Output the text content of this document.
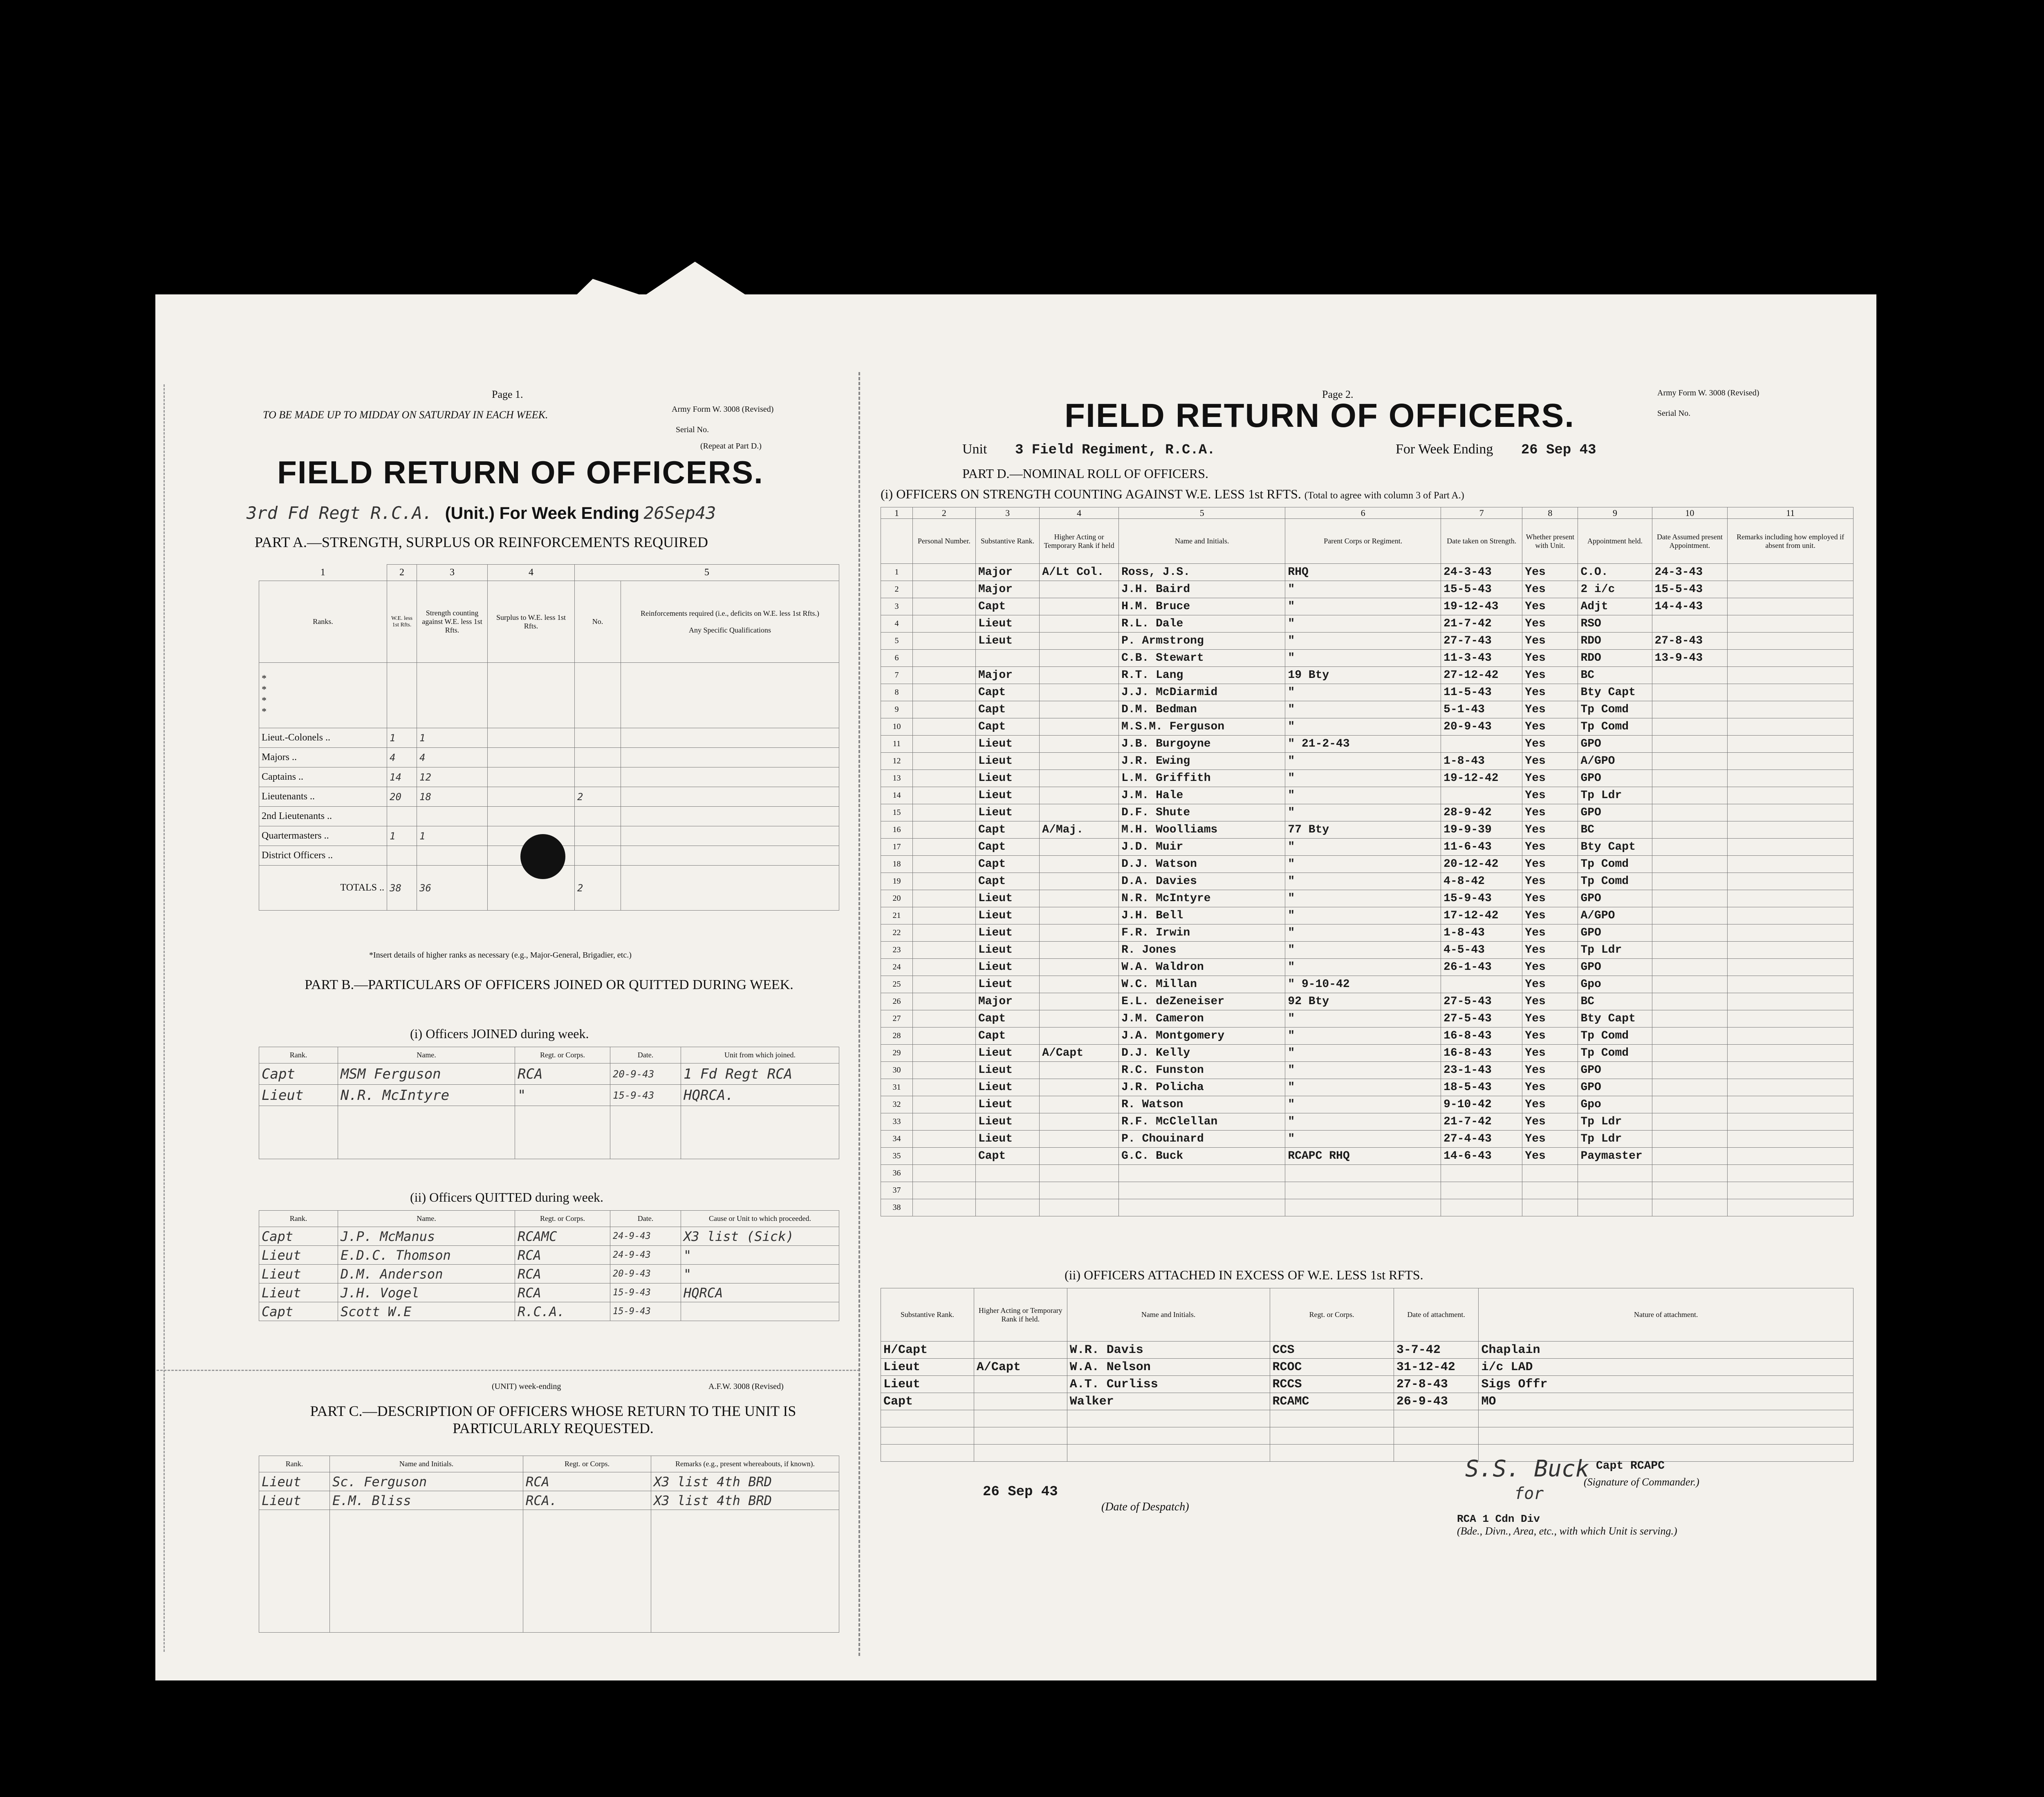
Page 1.
TO BE MADE UP TO MIDDAY ON SATURDAY IN EACH WEEK.	Army Form W. 3008 (Revised)
Serial No.
(Repeat at Part D.)
FIELD RETURN OF OFFICERS.
3rd Fd Regt R.C.A. (Unit.) For Week Ending 26Sep43
PART A.—STRENGTH, SURPLUS OR REINFORCEMENTS REQUIRED
1	2	3	4	5	
Ranks.	W.E. less 1st Rfts.	Strength counting against W.E. less 1st Rfts.	Surplus to W.E. less 1st Rfts.	No.	Reinforcements required (i.e., deficits on W.E. less 1st Rfts.)
Any Specific Qualifications

*
*
*
*					
Lieut.-Colonels ..	1	1			
Majors ..	4	4			
Captains ..	14	12			
Lieutenants ..	20	18		2	
2nd Lieutenants ..					
Quartermasters ..	1	1			
District Officers ..					
TOTALS ..	38	36		2	
*Insert details of higher ranks as necessary (e.g., Major-General, Brigadier, etc.)
PART B.—PARTICULARS OF OFFICERS JOINED OR QUITTED DURING WEEK.
(i) Officers JOINED during week.
Rank.	Name.	Regt. or Corps.	Date.	Unit from which joined.
Capt	MSM Ferguson	RCA	20-9-43	1 Fd Regt RCA
Lieut	N.R. McIntyre	"	15-9-43	HQRCA.

(ii) Officers QUITTED during week.
Rank.	Name.	Regt. or Corps.	Date.	Cause or Unit to which proceeded.
Capt	J.P. McManus	RCAMC	24-9-43	X3 list (Sick)
Lieut	E.D.C. Thomson	RCA	24-9-43	"
Lieut	D.M. Anderson	RCA	20-9-43	"
Lieut	J.H. Vogel	RCA	15-9-43	HQRCA
Capt	Scott W.E	R.C.A.	15-9-43	
(UNIT) week-ending	A.F.W. 3008 (Revised)
PART C.—DESCRIPTION OF OFFICERS WHOSE RETURN TO THE UNIT IS PARTICULARLY REQUESTED.
Rank.	Name and Initials.	Regt. or Corps.	Remarks (e.g., present whereabouts, if known).
Lieut	Sc. Ferguson	RCA	X3 list 4th BRD
Lieut	E.M. Bliss	RCA.	X3 list 4th BRD

Page 2.	Army Form W. 3008 (Revised)
Serial No.
FIELD RETURN OF OFFICERS.
Unit 3 Field Regiment, R.C.A.	For Week Ending 26 Sep 43
PART D.—NOMINAL ROLL OF OFFICERS.
(i) OFFICERS ON STRENGTH COUNTING AGAINST W.E. LESS 1st RFTS. (Total to agree with column 3 of Part A.)
1	2	3	4	5	6	7	8	9	10	11
	Personal Number.	Substantive Rank.	Higher Acting or Temporary Rank if held	Name and Initials.	Parent Corps or Regiment.	Date taken on Strength.	Whether present with Unit.	Appointment held.	Date Assumed present Appointment.	Remarks including how employed if absent from unit.
1		Major	A/Lt Col.	Ross, J.S.	RHQ	24-3-43	Yes	C.O.	24-3-43	
2		Major		J.H. Baird	"	15-5-43	Yes	2 i/c	15-5-43	
3		Capt		H.M. Bruce	"	19-12-43	Yes	Adjt	14-4-43	
4		Lieut		R.L. Dale	"	21-7-42	Yes	RSO		
5		Lieut		P. Armstrong	"	27-7-43	Yes	RDO	27-8-43	
6				C.B. Stewart	"	11-3-43	Yes	RDO	13-9-43	
7		Major		R.T. Lang	19 Bty	27-12-42	Yes	BC		
8		Capt		J.J. McDiarmid	"	11-5-43	Yes	Bty Capt		
9		Capt		D.M. Bedman	"	5-1-43	Yes	Tp Comd		
10		Capt		M.S.M. Ferguson	"	20-9-43	Yes	Tp Comd		
11		Lieut		J.B. Burgoyne	" 21-2-43		Yes	GPO		
12		Lieut		J.R. Ewing	"	1-8-43	Yes	A/GPO		
13		Lieut		L.M. Griffith	"	19-12-42	Yes	GPO		
14		Lieut		J.M. Hale	"		Yes	Tp Ldr		
15		Lieut		D.F. Shute	"	28-9-42	Yes	GPO		
16		Capt	A/Maj.	M.H. Woolliams	77 Bty	19-9-39	Yes	BC		
17		Capt		J.D. Muir	"	11-6-43	Yes	Bty Capt		
18		Capt		D.J. Watson	"	20-12-42	Yes	Tp Comd		
19		Capt		D.A. Davies	"	4-8-42	Yes	Tp Comd		
20		Lieut		N.R. McIntyre	"	15-9-43	Yes	GPO		
21		Lieut		J.H. Bell	"	17-12-42	Yes	A/GPO		
22		Lieut		F.R. Irwin	"	1-8-43	Yes	GPO		
23		Lieut		R. Jones	"	4-5-43	Yes	Tp Ldr		
24		Lieut		W.A. Waldron	"	26-1-43	Yes	GPO		
25		Lieut		W.C. Millan	" 9-10-42		Yes	Gpo		
26		Major		E.L. deZeneiser	92 Bty	27-5-43	Yes	BC		
27		Capt		J.M. Cameron	"	27-5-43	Yes	Bty Capt		
28		Capt		J.A. Montgomery	"	16-8-43	Yes	Tp Comd		
29		Lieut	A/Capt	D.J. Kelly	"	16-8-43	Yes	Tp Comd		
30		Lieut		R.C. Funston	"	23-1-43	Yes	GPO		
31		Lieut		J.R. Policha	"	18-5-43	Yes	GPO		
32		Lieut		R. Watson	"	9-10-42	Yes	Gpo		
33		Lieut		R.F. McClellan	"	21-7-42	Yes	Tp Ldr		
34		Lieut		P. Chouinard	"	27-4-43	Yes	Tp Ldr		
35		Capt		G.C. Buck	RCAPC RHQ	14-6-43	Yes	Paymaster		
36										
37										
38										
(ii) OFFICERS ATTACHED IN EXCESS OF W.E. LESS 1st RFTS.
Substantive Rank.	Higher Acting or Temporary Rank if held.	Name and Initials.	Regt. or Corps.	Date of attachment.	Nature of attachment.
H/Capt		W.R. Davis	CCS	3-7-42	Chaplain
Lieut	A/Capt	W.A. Nelson	RCOC	31-12-42	i/c LAD
Lieut		A.T. Curliss	RCCS	27-8-43	Sigs Offr
Capt		Walker	RCAMC	26-9-43	MO

26 Sep 43
(Date of Despatch)
S.S. Buck Capt RCAPC
for
(Signature of Commander.)
RCA 1 Cdn Div
(Bde., Divn., Area, etc., with which Unit is serving.)
